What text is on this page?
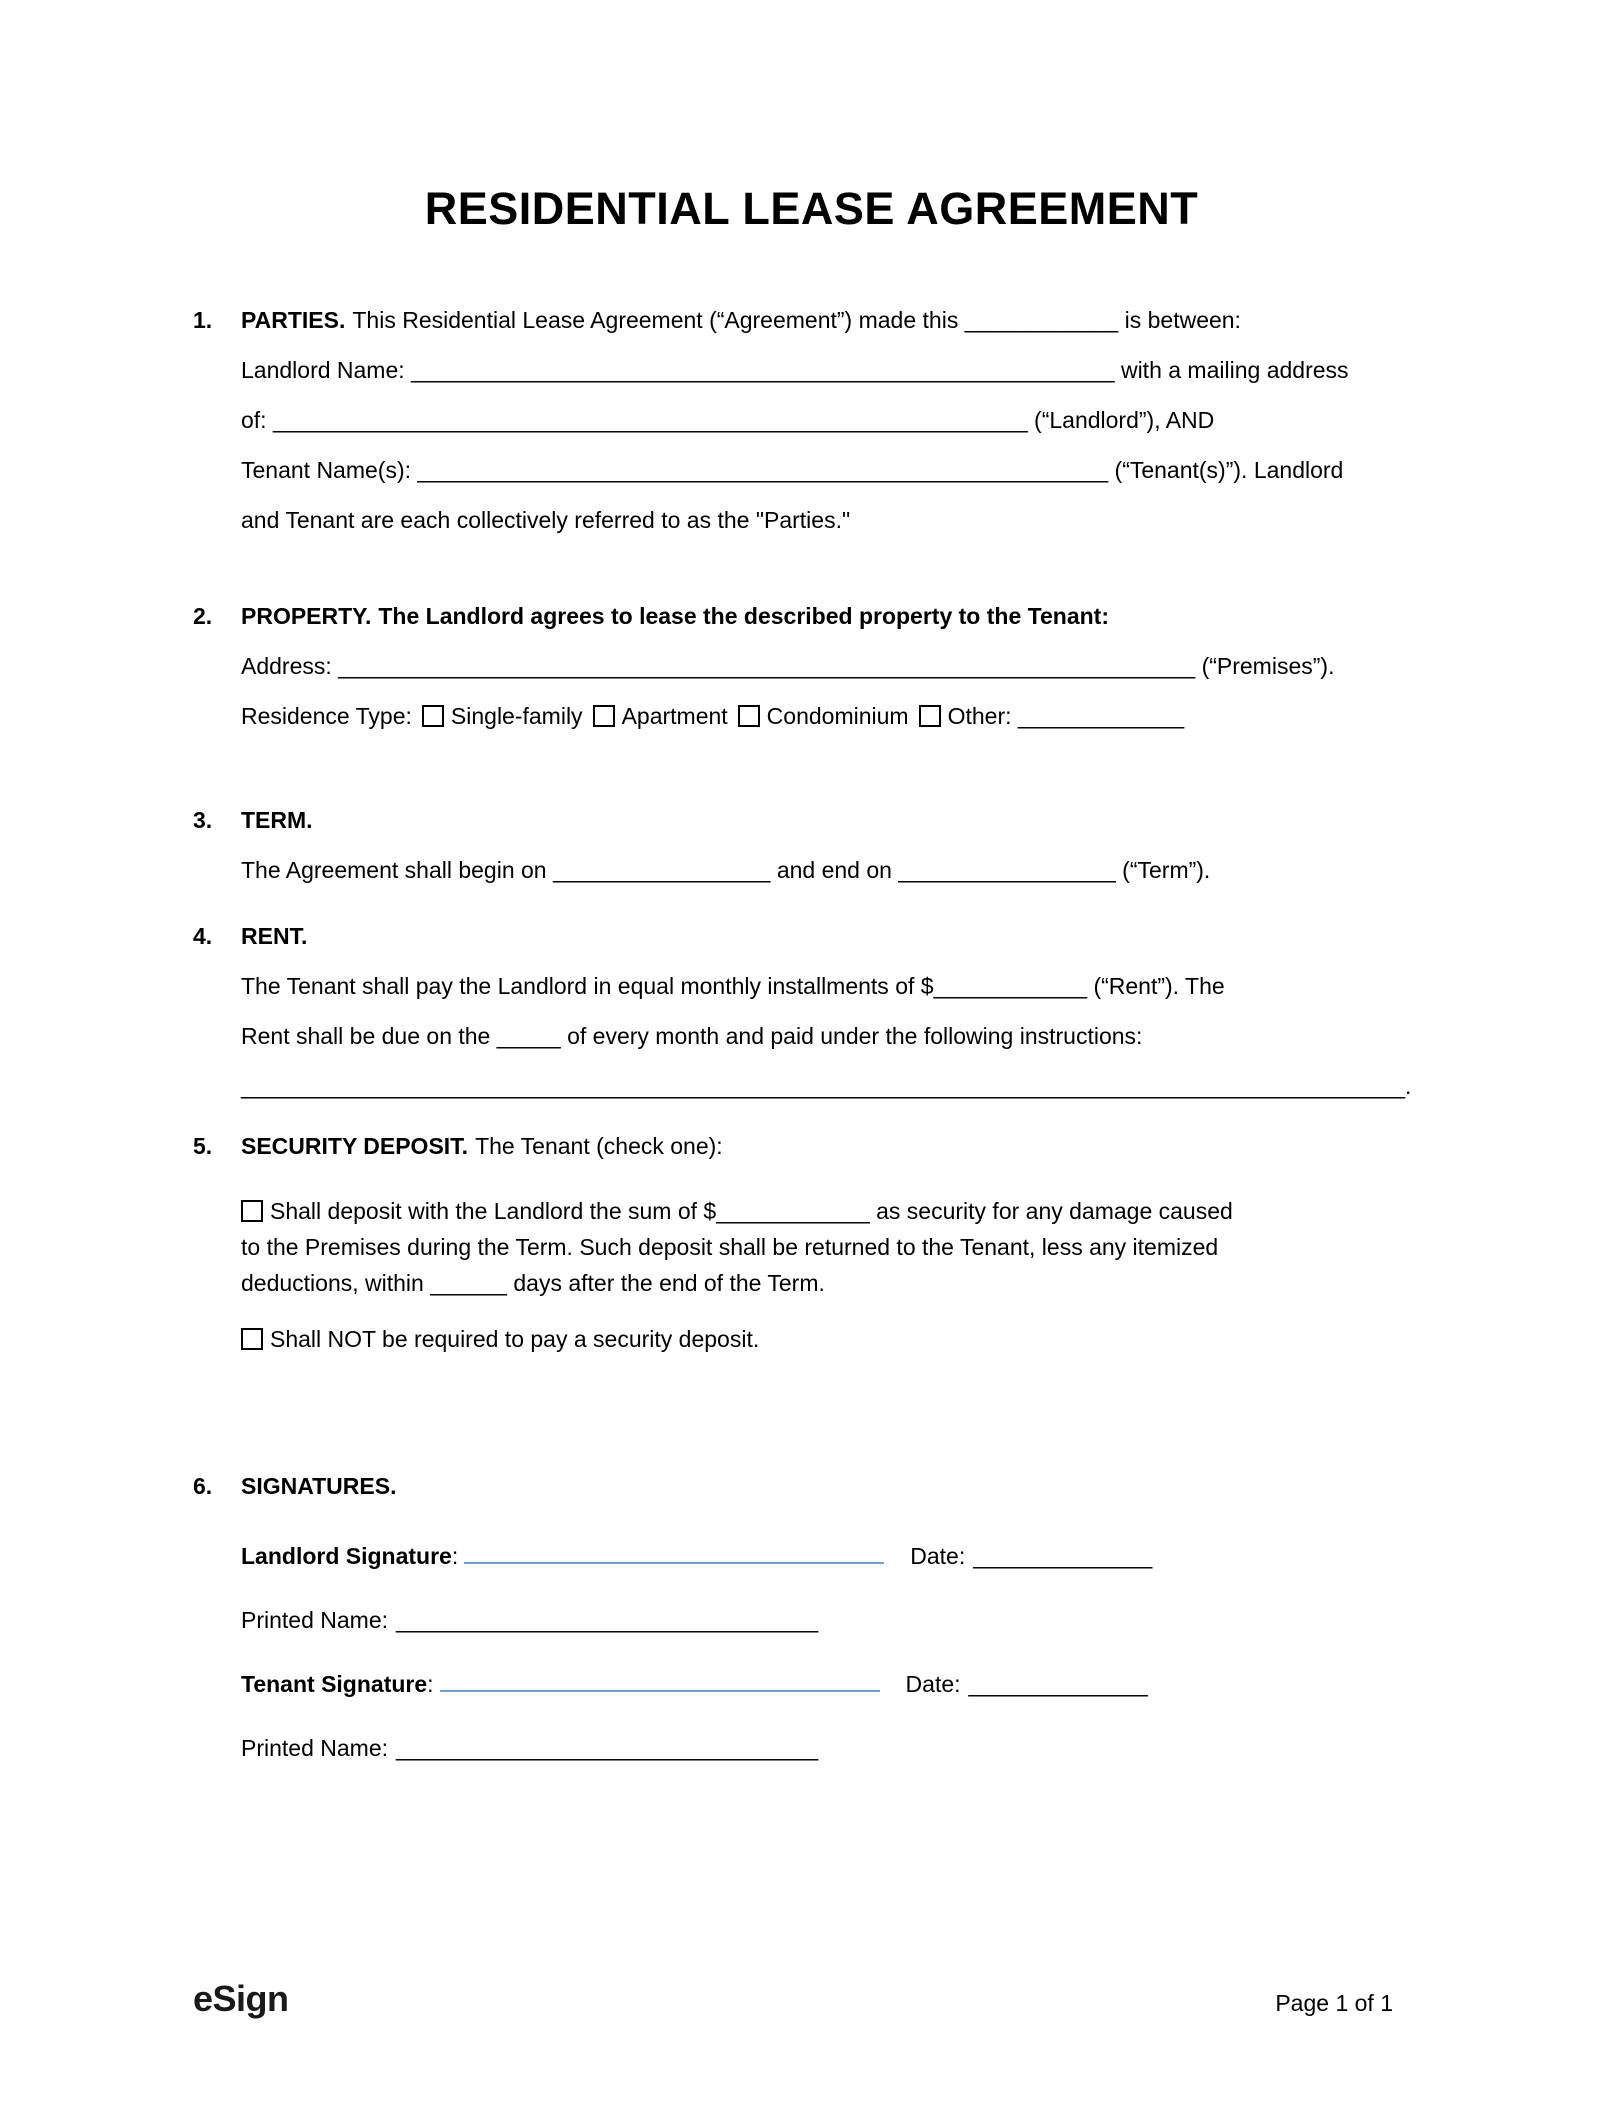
RESIDENTIAL LEASE AGREEMENT
1.	PARTIES. This Residential Lease Agreement (“Agreement”) made this ____________ is between:
Landlord Name: _______________________________________________________ with a mailing address
of: ___________________________________________________________ (“Landlord”), AND
Tenant Name(s): ______________________________________________________ (“Tenant(s)”). Landlord
and Tenant are each collectively referred to as the "Parties."
2.	PROPERTY. The Landlord agrees to lease the described property to the Tenant:
Address: ___________________________________________________________________ (“Premises”).
Residence Type: Single-family Apartment Condominium Other: _____________
3.	TERM.
The Agreement shall begin on _________________ and end on _________________ (“Term”).
4.	RENT.
The Tenant shall pay the Landlord in equal monthly installments of $____________ (“Rent”). The
Rent shall be due on the _____ of every month and paid under the following instructions:
___________________________________________________________________________________________.
5.	SECURITY DEPOSIT. The Tenant (check one):
Shall deposit with the Landlord the sum of $____________ as security for any damage caused
to the Premises during the Term. Such deposit shall be returned to the Tenant, less any itemized
deductions, within ______ days after the end of the Term.
Shall NOT be required to pay a security deposit.
6.	SIGNATURES.
Landlord Signature:	Date: ______________
Printed Name: _________________________________
Tenant Signature:	Date: ______________
Printed Name: _________________________________
eSign	Page 1 of 1
